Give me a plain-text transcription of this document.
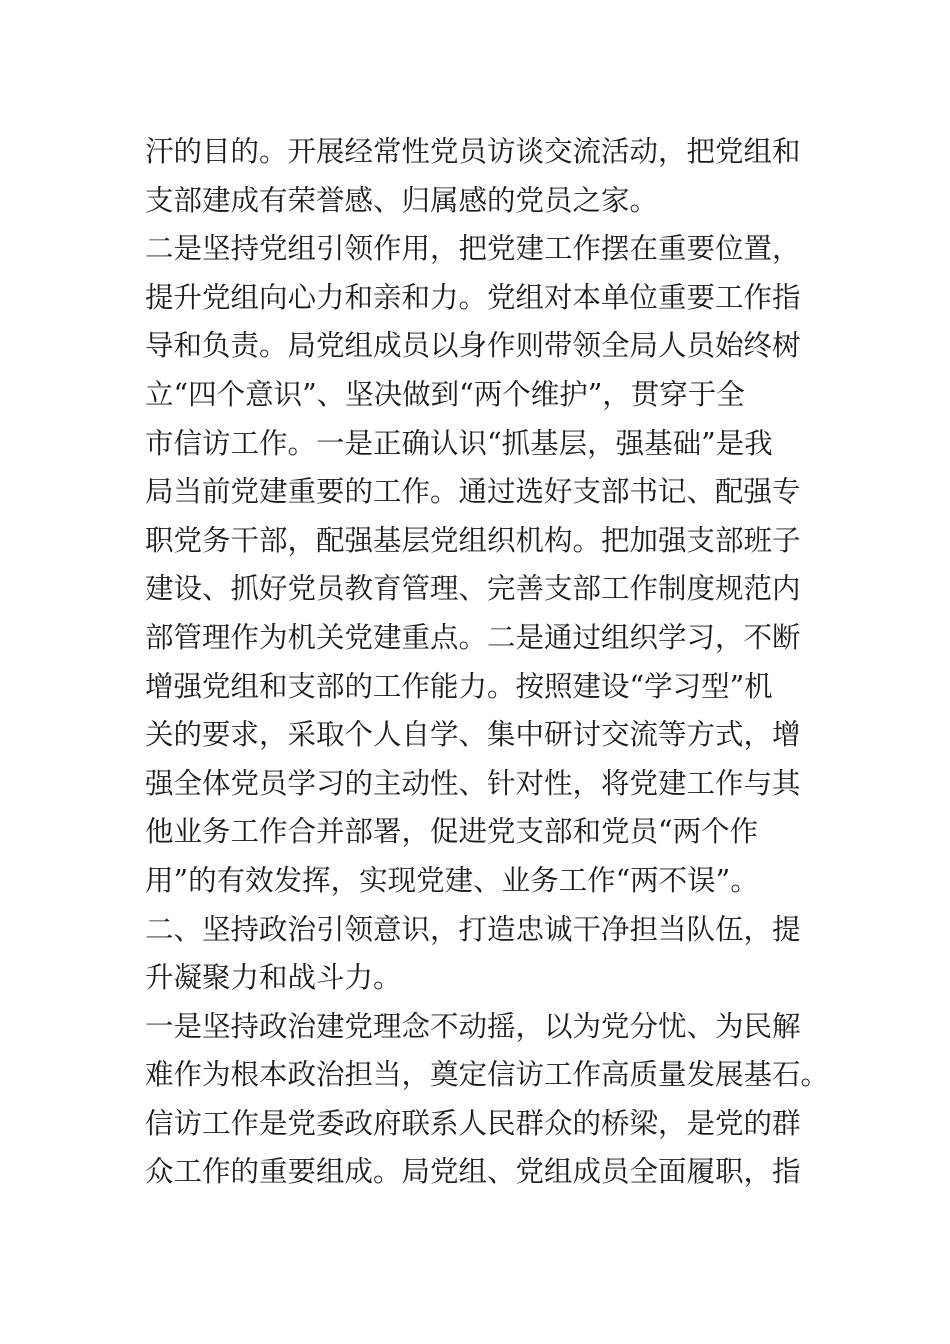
汗的目的。开展经常性党员访谈交流活动，把党组和
支部建成有荣誉感、归属感的党员之家。
二是坚持党组引领作用，把党建工作摆在重要位置，
提升党组向心力和亲和力。党组对本单位重要工作指
导和负责。局党组成员以身作则带领全局人员始终树
立“四个意识”、坚决做到“两个维护”，贯穿于全
市信访工作。一是正确认识“抓基层，强基础”是我
局当前党建重要的工作。通过选好支部书记、配强专
职党务干部，配强基层党组织机构。把加强支部班子
建设、抓好党员教育管理、完善支部工作制度规范内
部管理作为机关党建重点。二是通过组织学习，不断
增强党组和支部的工作能力。按照建设“学习型”机
关的要求，采取个人自学、集中研讨交流等方式，增
强全体党员学习的主动性、针对性，将党建工作与其
他业务工作合并部署，促进党支部和党员“两个作
用”的有效发挥，实现党建、业务工作“两不误”。
二、坚持政治引领意识，打造忠诚干净担当队伍，提
升凝聚力和战斗力。
一是坚持政治建党理念不动摇，以为党分忧、为民解
难作为根本政治担当，奠定信访工作高质量发展基石。
信访工作是党委政府联系人民群众的桥梁，是党的群
众工作的重要组成。局党组、党组成员全面履职，指
